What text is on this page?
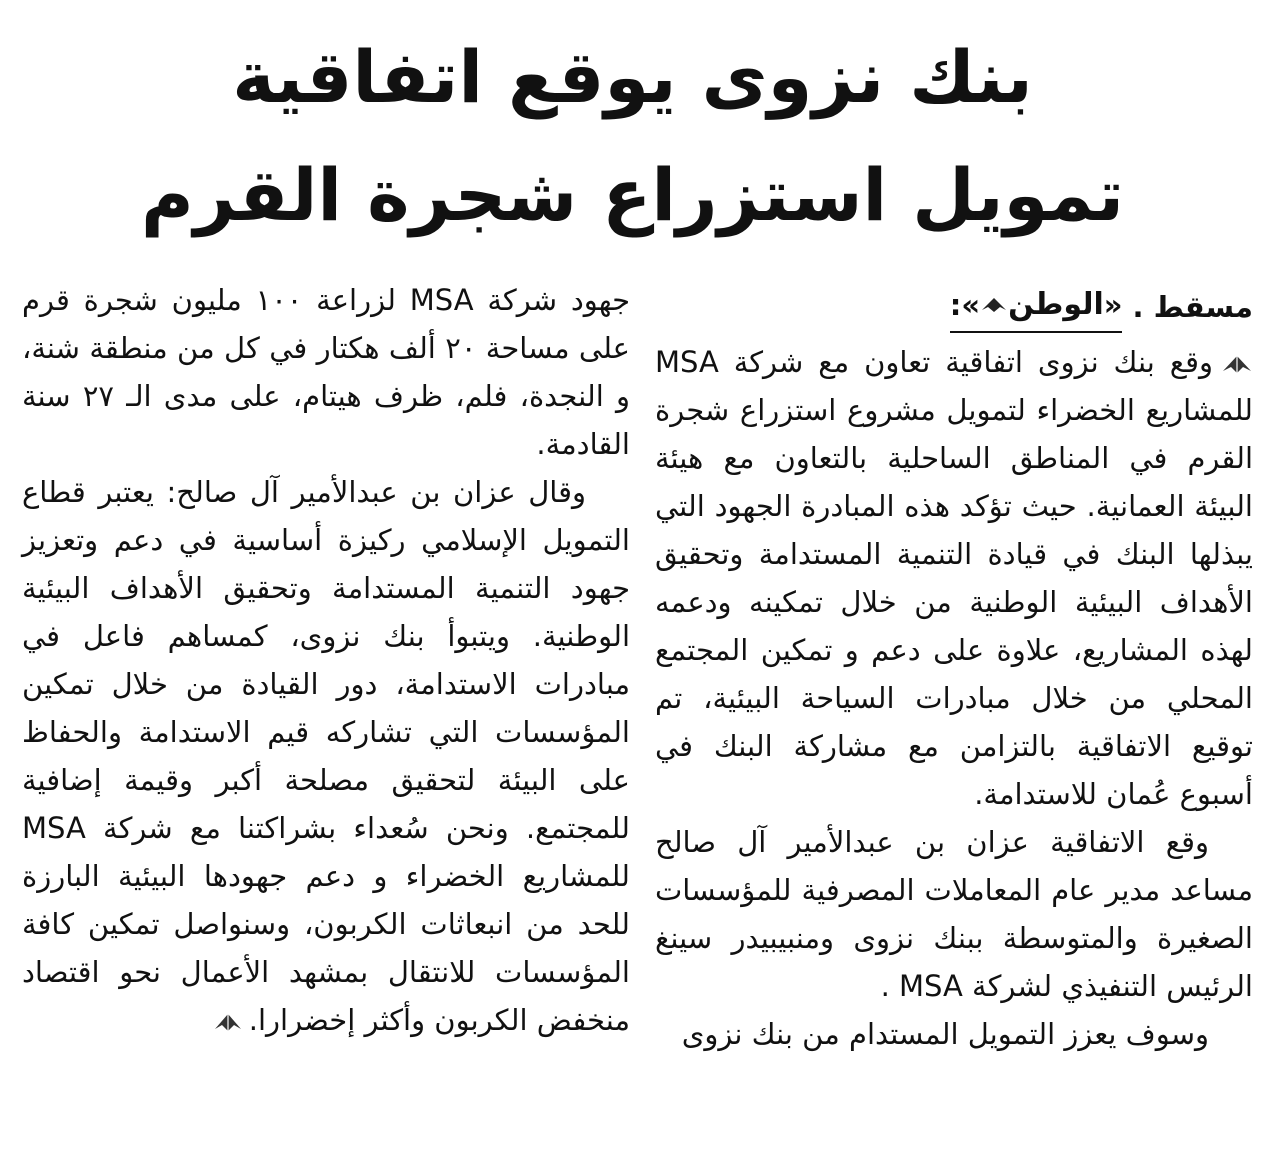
بنك نزوى يوقع اتفاقية
تمويل استزراع شجرة القرم
مسقط .
«
الوطن
»:
وقع بنك نزوى اتفاقية تعاون مع شركة MSA للمشاريع الخضراء لتمويل مشروع استزراع شجرة القرم في المناطق الساحلية بالتعاون مع هيئة البيئة العمانية. حيث تؤكد هذه المبادرة الجهود التي يبذلها البنك في قيادة التنمية المستدامة وتحقيق الأهداف البيئية الوطنية من خلال تمكينه ودعمه لهذه المشاريع، علاوة على دعم و تمكين المجتمع المحلي من خلال مبادرات السياحة البيئية، تم توقيع الاتفاقية بالتزامن مع مشاركة البنك في أسبوع عُمان للاستدامة.
وقع الاتفاقية عزان بن عبدالأمير آل صالح مساعد مدير عام المعاملات المصرفية للمؤسسات الصغيرة والمتوسطة ببنك نزوى ومنبيبيدر سينغ الرئيس التنفيذي لشركة MSA .
وسوف يعزز التمويل المستدام من بنك نزوى
جهود شركة MSA لزراعة ١٠٠ مليون شجرة قرم على مساحة ٢٠ ألف هكتار في كل من منطقة شنة، و النجدة، فلم، ظرف هيتام، على مدى الـ ٢٧ سنة القادمة.
وقال عزان بن عبدالأمير آل صالح: يعتبر قطاع التمويل الإسلامي ركيزة أساسية في دعم وتعزيز جهود التنمية المستدامة وتحقيق الأهداف البيئية الوطنية. ويتبوأ بنك نزوى، كمساهم فاعل في مبادرات الاستدامة، دور القيادة من خلال تمكين المؤسسات التي تشاركه قيم الاستدامة والحفاظ على البيئة لتحقيق مصلحة أكبر وقيمة إضافية للمجتمع. ونحن سُعداء بشراكتنا مع شركة MSA للمشاريع الخضراء و دعم جهودها البيئية البارزة للحد من انبعاثات الكربون، وسنواصل تمكين كافة المؤسسات للانتقال بمشهد الأعمال نحو اقتصاد منخفض الكربون وأكثر إخضرارا.
